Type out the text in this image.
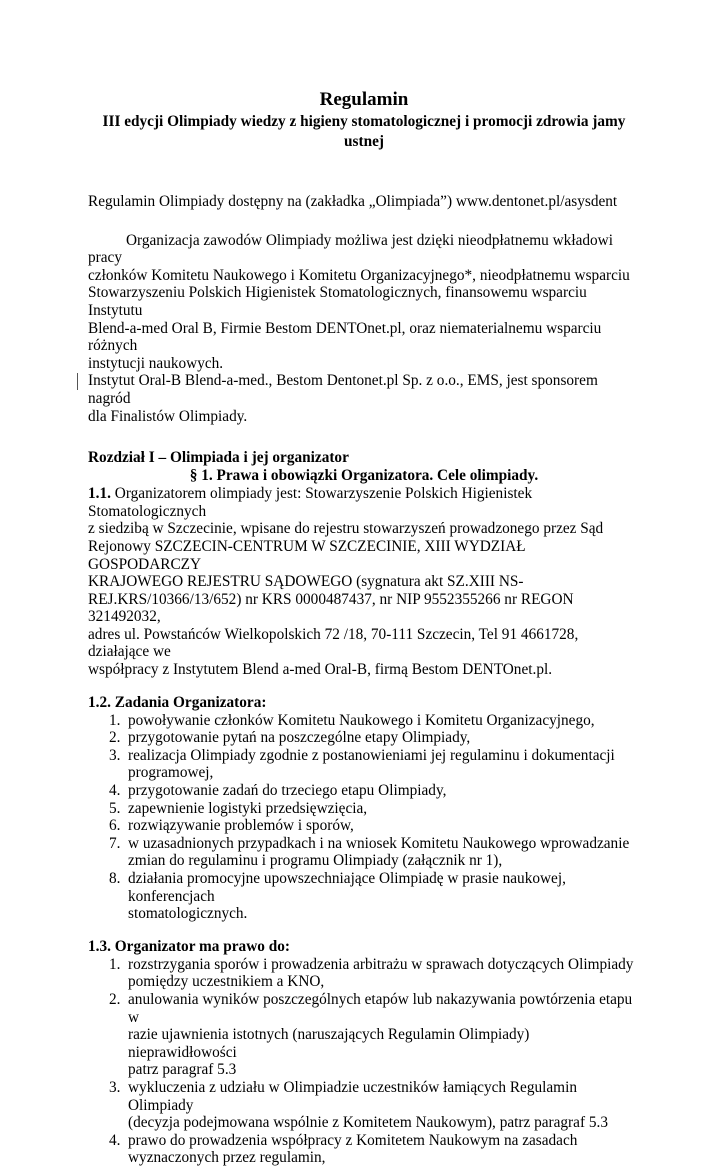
Regulamin

III edycji Olimpiady wiedzy z higieny stomatologicznej i promocji zdrowia jamy ustnej

Regulamin Olimpiady dostępny na (zakładka „Olimpiada”) www.dentonet.pl/asysdent

Organizacja zawodów Olimpiady możliwa jest dzięki nieodpłatnemu wkładowi pracy

członków Komitetu Naukowego i Komitetu Organizacyjnego*, nieodpłatnemu wsparciu

Stowarzyszeniu Polskich Higienistek Stomatologicznych, finansowemu wsparciu Instytutu

Blend-a-med Oral B, Firmie Bestom DENTOnet.pl, oraz niematerialnemu wsparciu różnych

instytucji naukowych.

Instytut Oral-B Blend-a-med., Bestom Dentonet.pl Sp. z o.o., EMS, jest sponsorem nagród

dla Finalistów Olimpiady.

Rozdział I – Olimpiada i jej organizator

§ 1. Prawa i obowiązki Organizatora. Cele olimpiady.

1.1. Organizatorem olimpiady jest: Stowarzyszenie Polskich Higienistek Stomatologicznych

z siedzibą w Szczecinie, wpisane do rejestru stowarzyszeń prowadzonego przez Sąd

Rejonowy SZCZECIN-CENTRUM W SZCZECINIE, XIII WYDZIAŁ GOSPODARCZY

KRAJOWEGO REJESTRU SĄDOWEGO (sygnatura akt SZ.XIII NS-

REJ.KRS/10366/13/652) nr KRS 0000487437, nr NIP 9552355266 nr REGON 321492032,

adres ul. Powstańców Wielkopolskich 72 /18, 70-111 Szczecin, Tel 91 4661728, działające we

współpracy z Instytutem Blend a-med Oral-B, firmą Bestom DENTOnet.pl.

1.2. Zadania Organizatora:
1. powoływanie członków Komitetu Naukowego i Komitetu Organizacyjnego,
2. przygotowanie pytań na poszczególne etapy Olimpiady,
3. realizacja Olimpiady zgodnie z postanowieniami jej regulaminu i dokumentacji
programowej,
4. przygotowanie zadań do trzeciego etapu Olimpiady,
5. zapewnienie logistyki przedsięwzięcia,
6. rozwiązywanie problemów i sporów,
7. w uzasadnionych przypadkach i na wniosek Komitetu Naukowego wprowadzanie
zmian do regulaminu i programu Olimpiady (załącznik nr 1),
8. działania promocyjne upowszechniające Olimpiadę w prasie naukowej, konferencjach
stomatologicznych.
1.3. Organizator ma prawo do:
1. rozstrzygania sporów i prowadzenia arbitrażu w sprawach dotyczących Olimpiady
pomiędzy uczestnikiem a KNO,
2. anulowania wyników poszczególnych etapów lub nakazywania powtórzenia etapu w
razie ujawnienia istotnych (naruszających Regulamin Olimpiady) nieprawidłowości
patrz paragraf 5.3
3. wykluczenia z udziału w Olimpiadzie uczestników łamiących Regulamin Olimpiady
(decyzja podejmowana wspólnie z Komitetem Naukowym), patrz paragraf 5.3
4. prawo do prowadzenia współpracy z Komitetem Naukowym na zasadach
wyznaczonych przez regulamin,
